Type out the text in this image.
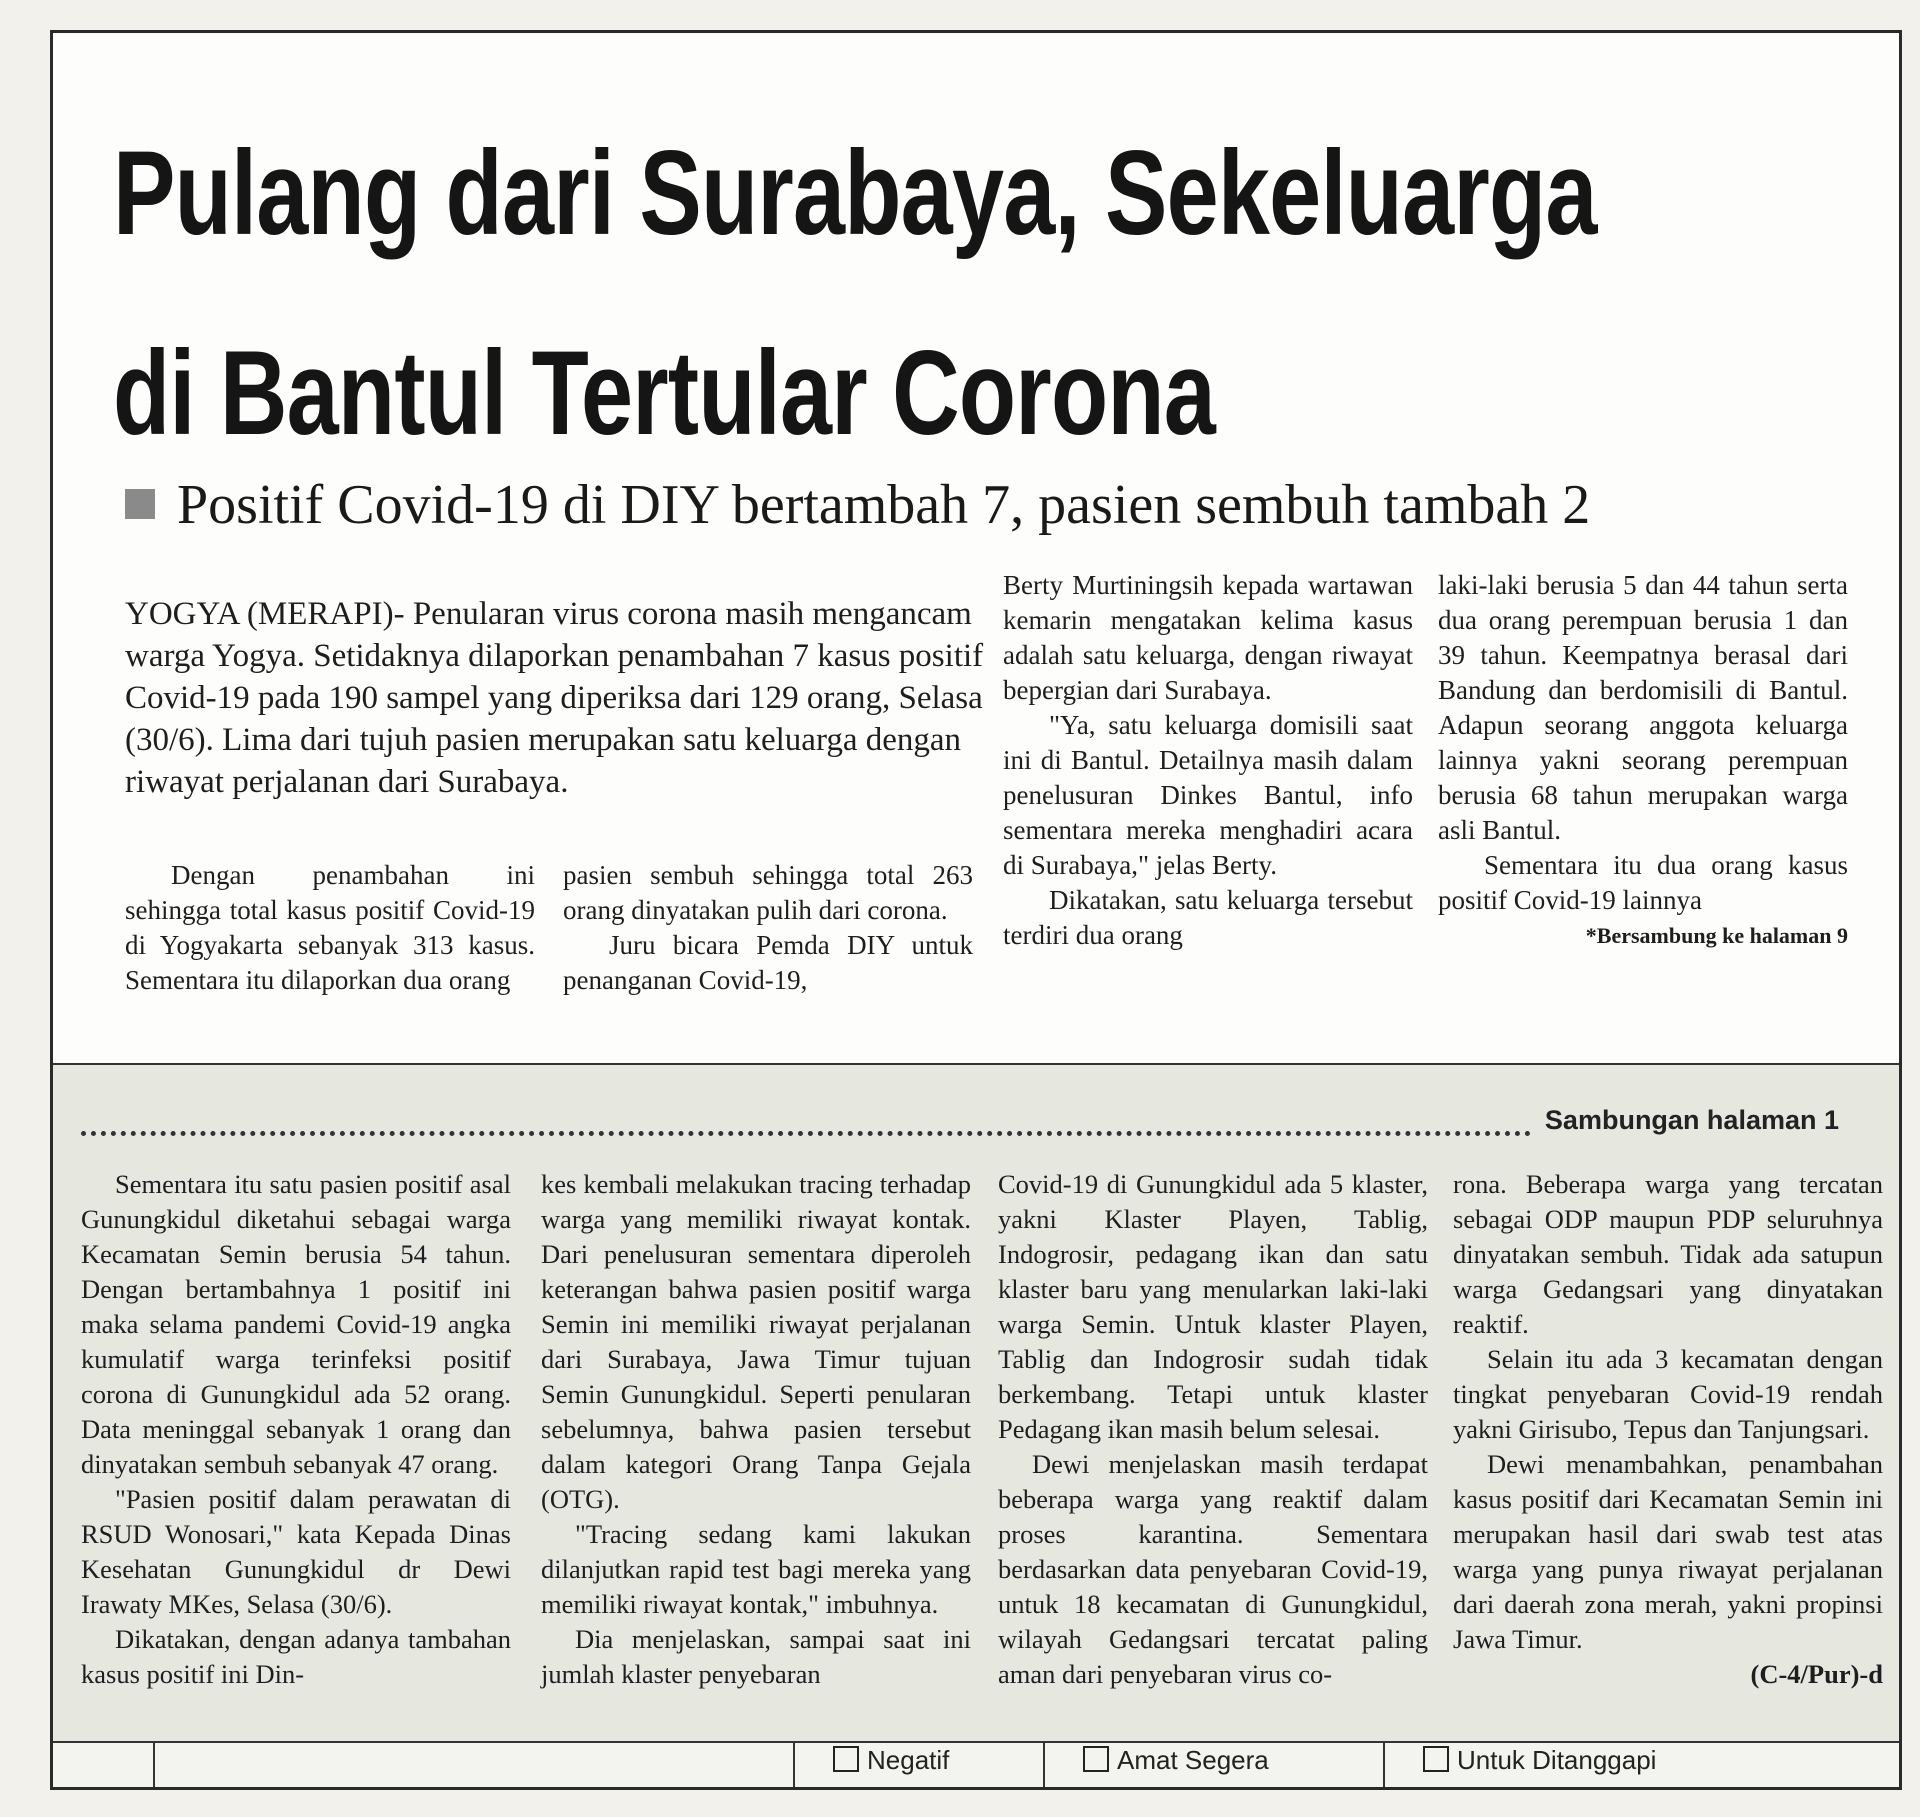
Pulang dari Surabaya, Sekeluarga
di Bantul Tertular Corona
Positif Covid-19 di DIY bertambah 7, pasien sembuh tambah 2

YOGYA (MERAPI)- Penularan virus corona masih mengancam warga Yogya. Setidaknya dilaporkan penambahan 7 kasus positif Covid-19 pada 190 sampel yang diperiksa dari 129 orang, Selasa (30/6). Lima dari tujuh pasien merupakan satu keluarga dengan riwayat perjalanan dari Surabaya.

Dengan penambahan ini sehingga total kasus positif Covid-19 di Yogyakarta sebanyak 313 kasus. Sementara itu dilaporkan dua orang

pasien sembuh sehingga total 263 orang dinyatakan pulih dari corona.

Juru bicara Pemda DIY untuk penanganan Covid-19,

Berty Murtiningsih kepada wartawan kemarin mengatakan kelima kasus adalah satu keluarga, dengan riwayat bepergian dari Surabaya.

"Ya, satu keluarga domisili saat ini di Bantul. Detailnya masih dalam penelusuran Dinkes Bantul, info sementara mereka menghadiri acara di Surabaya," jelas Berty.

Dikatakan, satu keluarga tersebut terdiri dua orang

laki-laki berusia 5 dan 44 tahun serta dua orang perempuan berusia 1 dan 39 tahun. Keempatnya berasal dari Bandung dan berdomisili di Bantul. Adapun seorang anggota keluarga lainnya yakni seorang perempuan berusia 68 tahun merupakan warga asli Bantul.

Sementara itu dua orang kasus positif Covid-19 lainnya

*Bersambung ke halaman 9

Sambungan halaman 1

Sementara itu satu pasien positif asal Gunungkidul diketahui sebagai warga Kecamatan Semin berusia 54 tahun. Dengan bertambahnya 1 positif ini maka selama pandemi Covid-19 angka kumulatif warga terinfeksi positif corona di Gunungkidul ada 52 orang. Data meninggal sebanyak 1 orang dan dinyatakan sembuh sebanyak 47 orang.

"Pasien positif dalam perawatan di RSUD Wonosari," kata Kepada Dinas Kesehatan Gunungkidul dr Dewi Irawaty MKes, Selasa (30/6).

Dikatakan, dengan adanya tambahan kasus positif ini Din-

kes kembali melakukan tracing terhadap warga yang memiliki riwayat kontak. Dari penelusuran sementara diperoleh keterangan bahwa pasien positif warga Semin ini memiliki riwayat perjalanan dari Surabaya, Jawa Timur tujuan Semin Gunungkidul. Seperti penularan sebelumnya, bahwa pasien tersebut dalam kategori Orang Tanpa Gejala (OTG).

"Tracing sedang kami lakukan dilanjutkan rapid test bagi mereka yang memiliki riwayat kontak," imbuhnya.

Dia menjelaskan, sampai saat ini jumlah klaster penyebaran

Covid-19 di Gunungkidul ada 5 klaster, yakni Klaster Playen, Tablig, Indogrosir, pedagang ikan dan satu klaster baru yang menularkan laki-laki warga Semin. Untuk klaster Playen, Tablig dan Indogrosir sudah tidak berkembang. Tetapi untuk klaster Pedagang ikan masih belum selesai.

Dewi menjelaskan masih terdapat beberapa warga yang reaktif dalam proses karantina. Sementara berdasarkan data penyebaran Covid-19, untuk 18 kecamatan di Gunungkidul, wilayah Gedangsari tercatat paling aman dari penyebaran virus co-

rona. Beberapa warga yang tercatan sebagai ODP maupun PDP seluruhnya dinyatakan sembuh. Tidak ada satupun warga Gedangsari yang dinyatakan reaktif.

Selain itu ada 3 kecamatan dengan tingkat penyebaran Covid-19 rendah yakni Girisubo, Tepus dan Tanjungsari.

Dewi menambahkan, penambahan kasus positif dari Kecamatan Semin ini merupakan hasil dari swab test atas warga yang punya riwayat perjalanan dari daerah zona merah, yakni propinsi Jawa Timur.

(C-4/Pur)-d

Negatif	Amat Segera	Untuk Ditanggapi
